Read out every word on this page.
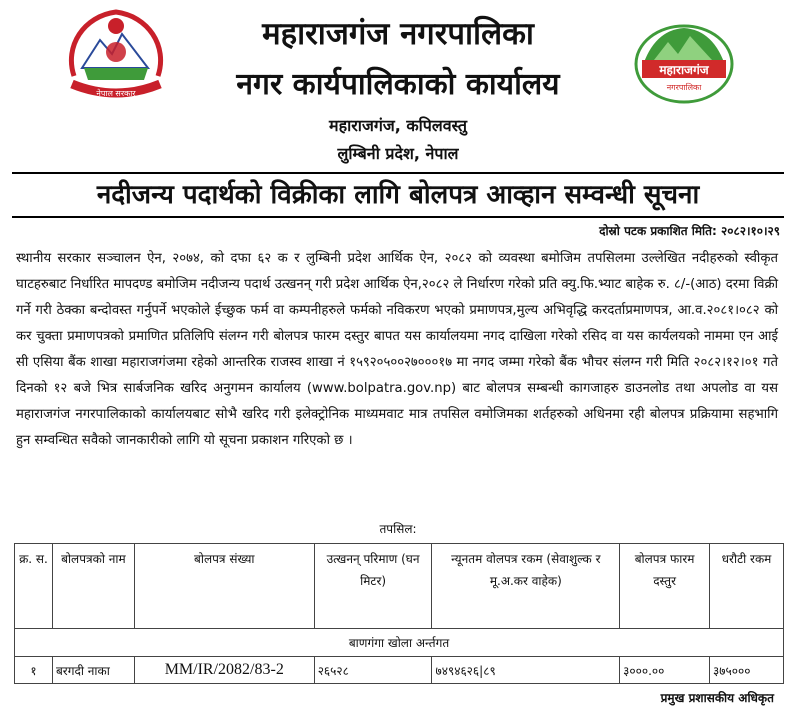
नेपाल सरकार
महाराजगंज नगरपालिका
नगर कार्यपालिकाको कार्यालय
महाराजगंज, कपिलवस्तु
लुम्बिनी प्रदेश, नेपाल
महाराजगंज
नगरपालिका
नदीजन्य पदार्थको विक्रीका लागि बोलपत्र आव्हान सम्वन्धी सूचना
दोस्रो पटक प्रकाशित मिति: २०८२।१०।२९
स्थानीय सरकार सञ्चालन ऐन, २०७४, को दफा ६२ क र लुम्बिनी प्रदेश आर्थिक ऐन, २०८२ को व्यवस्था बमोजिम तपसिलमा उल्लेखित नदीहरुको स्वीकृत घाटहरुबाट निर्धारित मापदण्ड बमोजिम नदीजन्य पदार्थ उत्खनन् गरी प्रदेश आर्थिक ऐन,२०८२ ले निर्धारण गरेको प्रति क्यु.फि.भ्याट बाहेक रु. ८/-(आठ) दरमा विक्री गर्ने गरी ठेक्का बन्दोवस्त गर्नुपर्ने भएकोले ईच्छुक फर्म वा कम्पनीहरुले फर्मको नविकरण भएको प्रमाणपत्र,मुल्य अभिवृद्धि करदर्ताप्रमाणपत्र, आ.व.२०८१।०८२ को कर चुक्ता प्रमाणपत्रको प्रमाणित प्रतिलिपि संलग्न गरी बोलपत्र फारम दस्तुर बापत यस कार्यालयमा नगद दाखिला गरेको रसिद वा यस कार्यलयको नाममा एन आई सी एसिया बैंक शाखा महाराजगंजमा रहेको आन्तरिक राजस्व शाखा नं १५९२०५००२७०००१७ मा नगद जम्मा गरेको बैंक भौचर संलग्न गरी मिति २०८२।१२।०१ गते दिनको १२ बजे भित्र सार्बजनिक खरिद अनुगमन कार्यालय (www.bolpatra.gov.np) बाट बोलपत्र सम्बन्धी कागजाहरु डाउनलोड तथा अपलोड वा यस महाराजगंज नगरपालिकाको कार्यालयबाट सोभै खरिद गरी इलेक्ट्रोनिक माध्यमवाट मात्र तपसिल वमोजिमका शर्तहरुको अधिनमा रही बोलपत्र प्रक्रियामा सहभागि हुन सम्वन्धित सवैको जानकारीको लागि यो सूचना प्रकाशन गरिएको छ ।
तपसिल:
क्र. स.	बोलपत्रको नाम	बोलपत्र संख्या	उत्खनन् परिमाण (घन मिटर)	न्यूनतम वोलपत्र रकम (सेवाशुल्क र मू.अ.कर वाहेक)	बोलपत्र फारम दस्तुर	धरौटी रकम
बाणगंगा खोला अर्न्तगत						
१	बरगदी नाका	MM/IR/2082/83-2	२६५२८	७४९४६२६|८९	३०००.००	३७५०००
प्रमुख प्रशासकीय अधिकृत
